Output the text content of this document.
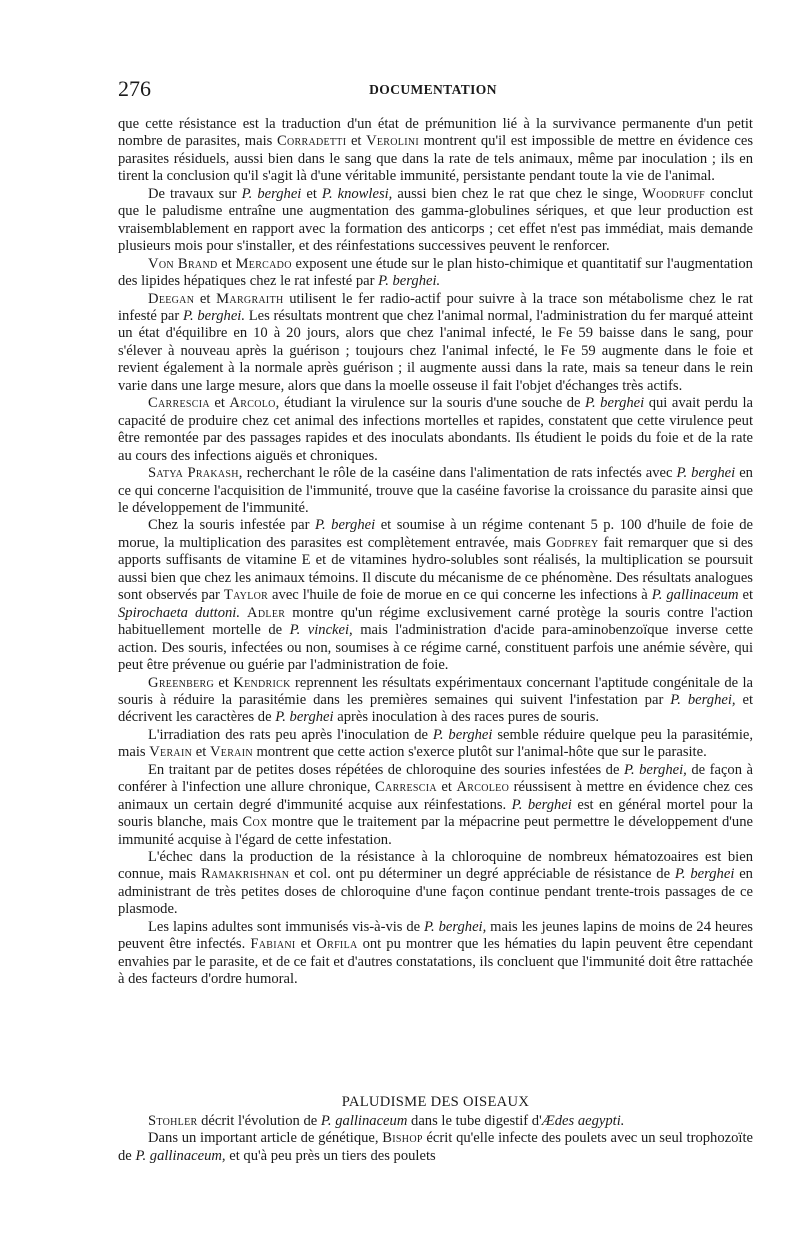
276	DOCUMENTATION

que cette résistance est la traduction d'un état de prémunition lié à la survivance permanente d'un petit nombre de parasites, mais Corradetti et Verolini montrent qu'il est impossible de mettre en évidence ces parasites résiduels, aussi bien dans le sang que dans la rate de tels animaux, même par inoculation ; ils en tirent la conclusion qu'il s'agit là d'une véritable immunité, persistante pendant toute la vie de l'animal.

De travaux sur P. berghei et P. knowlesi, aussi bien chez le rat que chez le singe, Woodruff conclut que le paludisme entraîne une augmentation des gamma-globulines sériques, et que leur production est vraisemblablement en rapport avec la formation des anticorps ; cet effet n'est pas immédiat, mais demande plusieurs mois pour s'installer, et des réinfestations successives peuvent le renforcer.

Von Brand et Mercado exposent une étude sur le plan histo-chimique et quantitatif sur l'augmentation des lipides hépatiques chez le rat infesté par P. berghei.

Deegan et Margraith utilisent le fer radio-actif pour suivre à la trace son métabolisme chez le rat infesté par P. berghei. Les résultats montrent que chez l'animal normal, l'administration du fer marqué atteint un état d'équilibre en 10 à 20 jours, alors que chez l'animal infecté, le Fe 59 baisse dans le sang, pour s'élever à nouveau après la guérison ; toujours chez l'animal infecté, le Fe 59 augmente dans le foie et revient également à la normale après guérison ; il augmente aussi dans la rate, mais sa teneur dans le rein varie dans une large mesure, alors que dans la moelle osseuse il fait l'objet d'échanges très actifs.

Carrescia et Arcolo, étudiant la virulence sur la souris d'une souche de P. berghei qui avait perdu la capacité de produire chez cet animal des infections mortelles et rapides, constatent que cette virulence peut être remontée par des passages rapides et des inoculats abondants. Ils étudient le poids du foie et de la rate au cours des infections aiguës et chroniques.

Satya Prakash, recherchant le rôle de la caséine dans l'alimentation de rats infectés avec P. berghei en ce qui concerne l'acquisition de l'immunité, trouve que la caséine favorise la croissance du parasite ainsi que le développement de l'immunité.

Chez la souris infestée par P. berghei et soumise à un régime contenant 5 p. 100 d'huile de foie de morue, la multiplication des parasites est complètement entravée, mais Godfrey fait remarquer que si des apports suffisants de vitamine E et de vitamines hydro-solubles sont réalisés, la multiplication se poursuit aussi bien que chez les animaux témoins. Il discute du mécanisme de ce phénomène. Des résultats analogues sont observés par Taylor avec l'huile de foie de morue en ce qui concerne les infections à P. gallinaceum et Spirochaeta duttoni. Adler montre qu'un régime exclusivement carné protège la souris contre l'action habituellement mortelle de P. vinckei, mais l'administration d'acide para-aminobenzoïque inverse cette action. Des souris, infectées ou non, soumises à ce régime carné, constituent parfois une anémie sévère, qui peut être prévenue ou guérie par l'administration de foie.

Greenberg et Kendrick reprennent les résultats expérimentaux concernant l'aptitude congénitale de la souris à réduire la parasitémie dans les premières semaines qui suivent l'infestation par P. berghei, et décrivent les caractères de P. berghei après inoculation à des races pures de souris.

L'irradiation des rats peu après l'inoculation de P. berghei semble réduire quelque peu la parasitémie, mais Verain et Verain montrent que cette action s'exerce plutôt sur l'animal-hôte que sur le parasite.

En traitant par de petites doses répétées de chloroquine des souries infestées de P. berghei, de façon à conférer à l'infection une allure chronique, Carrescia et Arcoleo réussisent à mettre en évidence chez ces animaux un certain degré d'immunité acquise aux réinfestations. P. berghei est en général mortel pour la souris blanche, mais Cox montre que le traitement par la mépacrine peut permettre le développement d'une immunité acquise à l'égard de cette infestation.

L'échec dans la production de la résistance à la chloroquine de nombreux hématozoaires est bien connue, mais Ramakrishnan et col. ont pu déterminer un degré appréciable de résistance de P. berghei en administrant de très petites doses de chloroquine d'une façon continue pendant trente-trois passages de ce plasmode.

Les lapins adultes sont immunisés vis-à-vis de P. berghei, mais les jeunes lapins de moins de 24 heures peuvent être infectés. Fabiani et Orfila ont pu montrer que les hématies du lapin peuvent être cependant envahies par le parasite, et de ce fait et d'autres constatations, ils concluent que l'immunité doit être rattachée à des facteurs d'ordre humoral.

PALUDISME DES OISEAUX

Stohler décrit l'évolution de P. gallinaceum dans le tube digestif d'Ædes aegypti.

Dans un important article de génétique, Bishop écrit qu'elle infecte des poulets avec un seul trophozoïte de P. gallinaceum, et qu'à peu près un tiers des poulets
